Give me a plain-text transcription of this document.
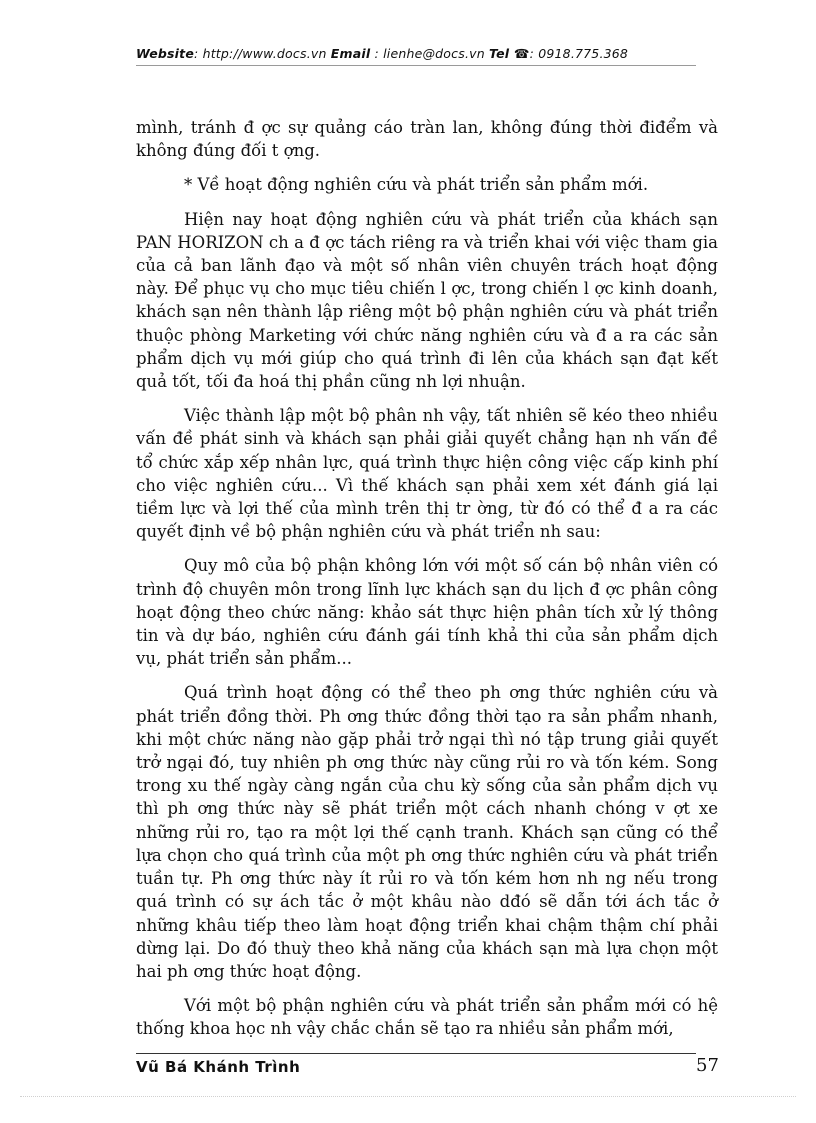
Website: http://www.docs.vn Email : lienhe@docs.vn Tel ☎: 0918.775.368

mình, tránh đ ợc sự quảng cáo tràn lan, không đúng thời điđểm và không đúng đối t ợng.

* Về hoạt động nghiên cứu và phát triển sản phẩm mới.

Hiện nay hoạt động nghiên cứu và phát triển của khách sạn PAN HORIZON ch a đ ợc tách riêng ra và triển khai với việc tham gia của cả ban lãnh đạo và một số nhân viên chuyên trách hoạt động này. Để phục vụ cho mục tiêu chiến l ợc, trong chiến l ợc kinh doanh, khách sạn nên thành lập riêng một bộ phận nghiên cứu và phát triển thuộc phòng Marketing với chức năng nghiên cứu và đ a ra các sản phẩm dịch vụ mới giúp cho quá trình đi lên của khách sạn đạt kết quả tốt, tối đa hoá thị phần cũng nh lợi nhuận.

Việc thành lập một bộ phân nh vậy, tất nhiên sẽ kéo theo nhiều vấn đề phát sinh và khách sạn phải giải quyết chẳng hạn nh vấn đề tổ chức xắp xếp nhân lực, quá trình thực hiện công việc cấp kinh phí cho việc nghiên cứu... Vì thế khách sạn phải xem xét đánh giá lại tiềm lực và lợi thế của mình trên thị tr ờng, từ đó có thể đ a ra các quyết định về bộ phận nghiên cứu và phát triển nh sau:

Quy mô của bộ phận không lớn với một số cán bộ nhân viên có trình độ chuyên môn trong lĩnh lực khách sạn du lịch đ ợc phân công hoạt động theo chức năng: khảo sát thực hiện phân tích xử lý thông tin và dự báo, nghiên cứu đánh gái tính khả thi của sản phẩm dịch vụ, phát triển sản phẩm...

Quá trình hoạt động có thể theo ph ơng thức nghiên cứu và phát triển đồng thời. Ph ơng thức đồng thời tạo ra sản phẩm nhanh, khi một chức năng nào gặp phải trở ngại thì nó tập trung giải quyết trở ngại đó, tuy nhiên ph ơng thức này cũng rủi ro và tốn kém. Song trong xu thế ngày càng ngắn của chu kỳ sống của sản phẩm dịch vụ thì ph ơng thức này sẽ phát triển một cách nhanh chóng v ợt xe những rủi ro, tạo ra một lợi thế cạnh tranh. Khách sạn cũng có thể lựa chọn cho quá trình của một ph ơng thức nghiên cứu và phát triển tuần tự. Ph ơng thức này ít rủi ro và tốn kém hơn nh ng nếu trong quá trình có sự ách tắc ở một khâu nào dđó sẽ dẫn tới ách tắc ở những khâu tiếp theo làm hoạt động triển khai chậm thậm chí phải dừng lại. Do đó thuỳ theo khả năng của khách sạn mà lựa chọn một hai ph ơng thức hoạt động.

Với một bộ phận nghiên cứu và phát triển sản phẩm mới có hệ thống khoa học nh vậy chắc chắn sẽ tạo ra nhiều sản phẩm mới,

Vũ Bá Khánh Trình	57
